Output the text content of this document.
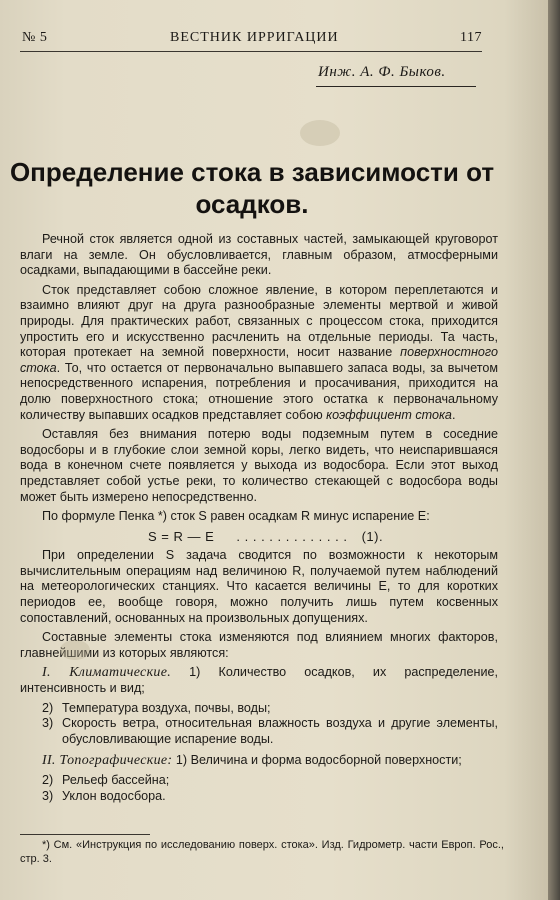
№ 5	ВЕСТНИК ИРРИГАЦИИ	117
Инж. А. Ф. Быков.
Определение стока в зависимости от осадков.

Речной сток является одной из составных частей, замыкающей круговорот влаги на земле. Он обусловливается, главным образом, атмосферными осадками, выпадающими в бассейне реки.

Сток представляет собою сложное явление, в котором переплетаются и взаимно влияют друг на друга разнообразные элементы мертвой и живой природы. Для практических работ, связанных с процессом стока, приходится упростить его и искусственно расчленить на отдельные периоды. Та часть, которая протекает на земной поверхности, носит название поверхностного стока. То, что остается от первоначально выпавшего запаса воды, за вычетом непосредственного испарения, потребления и просачивания, приходится на долю поверхностного стока; отношение этого остатка к первоначальному количеству выпавших осадков представляет собою коэффициент стока.

Оставляя без внимания потерю воды подземным путем в соседние водосборы и в глубокие слои земной коры, легко видеть, что неиспарившаяся вода в конечном счете появляется у выхода из водосбора. Если этот выход представляет собой устье реки, то количество стекающей с водосбора воды может быть измерено непосредственно.

По формуле Пенка *) сток S равен осадкам R минус испарение E:

S = R — E . . . . . . . . . . . . . . (1).

При определении S задача сводится по возможности к некоторым вычислительным операциям над величиною R, получаемой путем наблюдений на метеорологических станциях. Что касается величины E, то для коротких периодов ее, вообще говоря, можно получить лишь путем косвенных сопоставлений, основанных на произвольных допущениях.

Составные элементы стока изменяются под влиянием многих факторов, главнейшими из которых являются:

I. Климатические. 1) Количество осадков, их распределение, интенсивность и вид;

2) Температура воздуха, почвы, воды;
3) Скорость ветра, относительная влажность воздуха и другие элементы, обусловливающие испарение воды.

II. Топографические: 1) Величина и форма водосборной поверхности;

2) Рельеф бассейна;
3) Уклон водосбора.
*) См. «Инструкция по исследованию поверх. стока». Изд. Гидрометр. части Европ. Рос., стр. 3.
